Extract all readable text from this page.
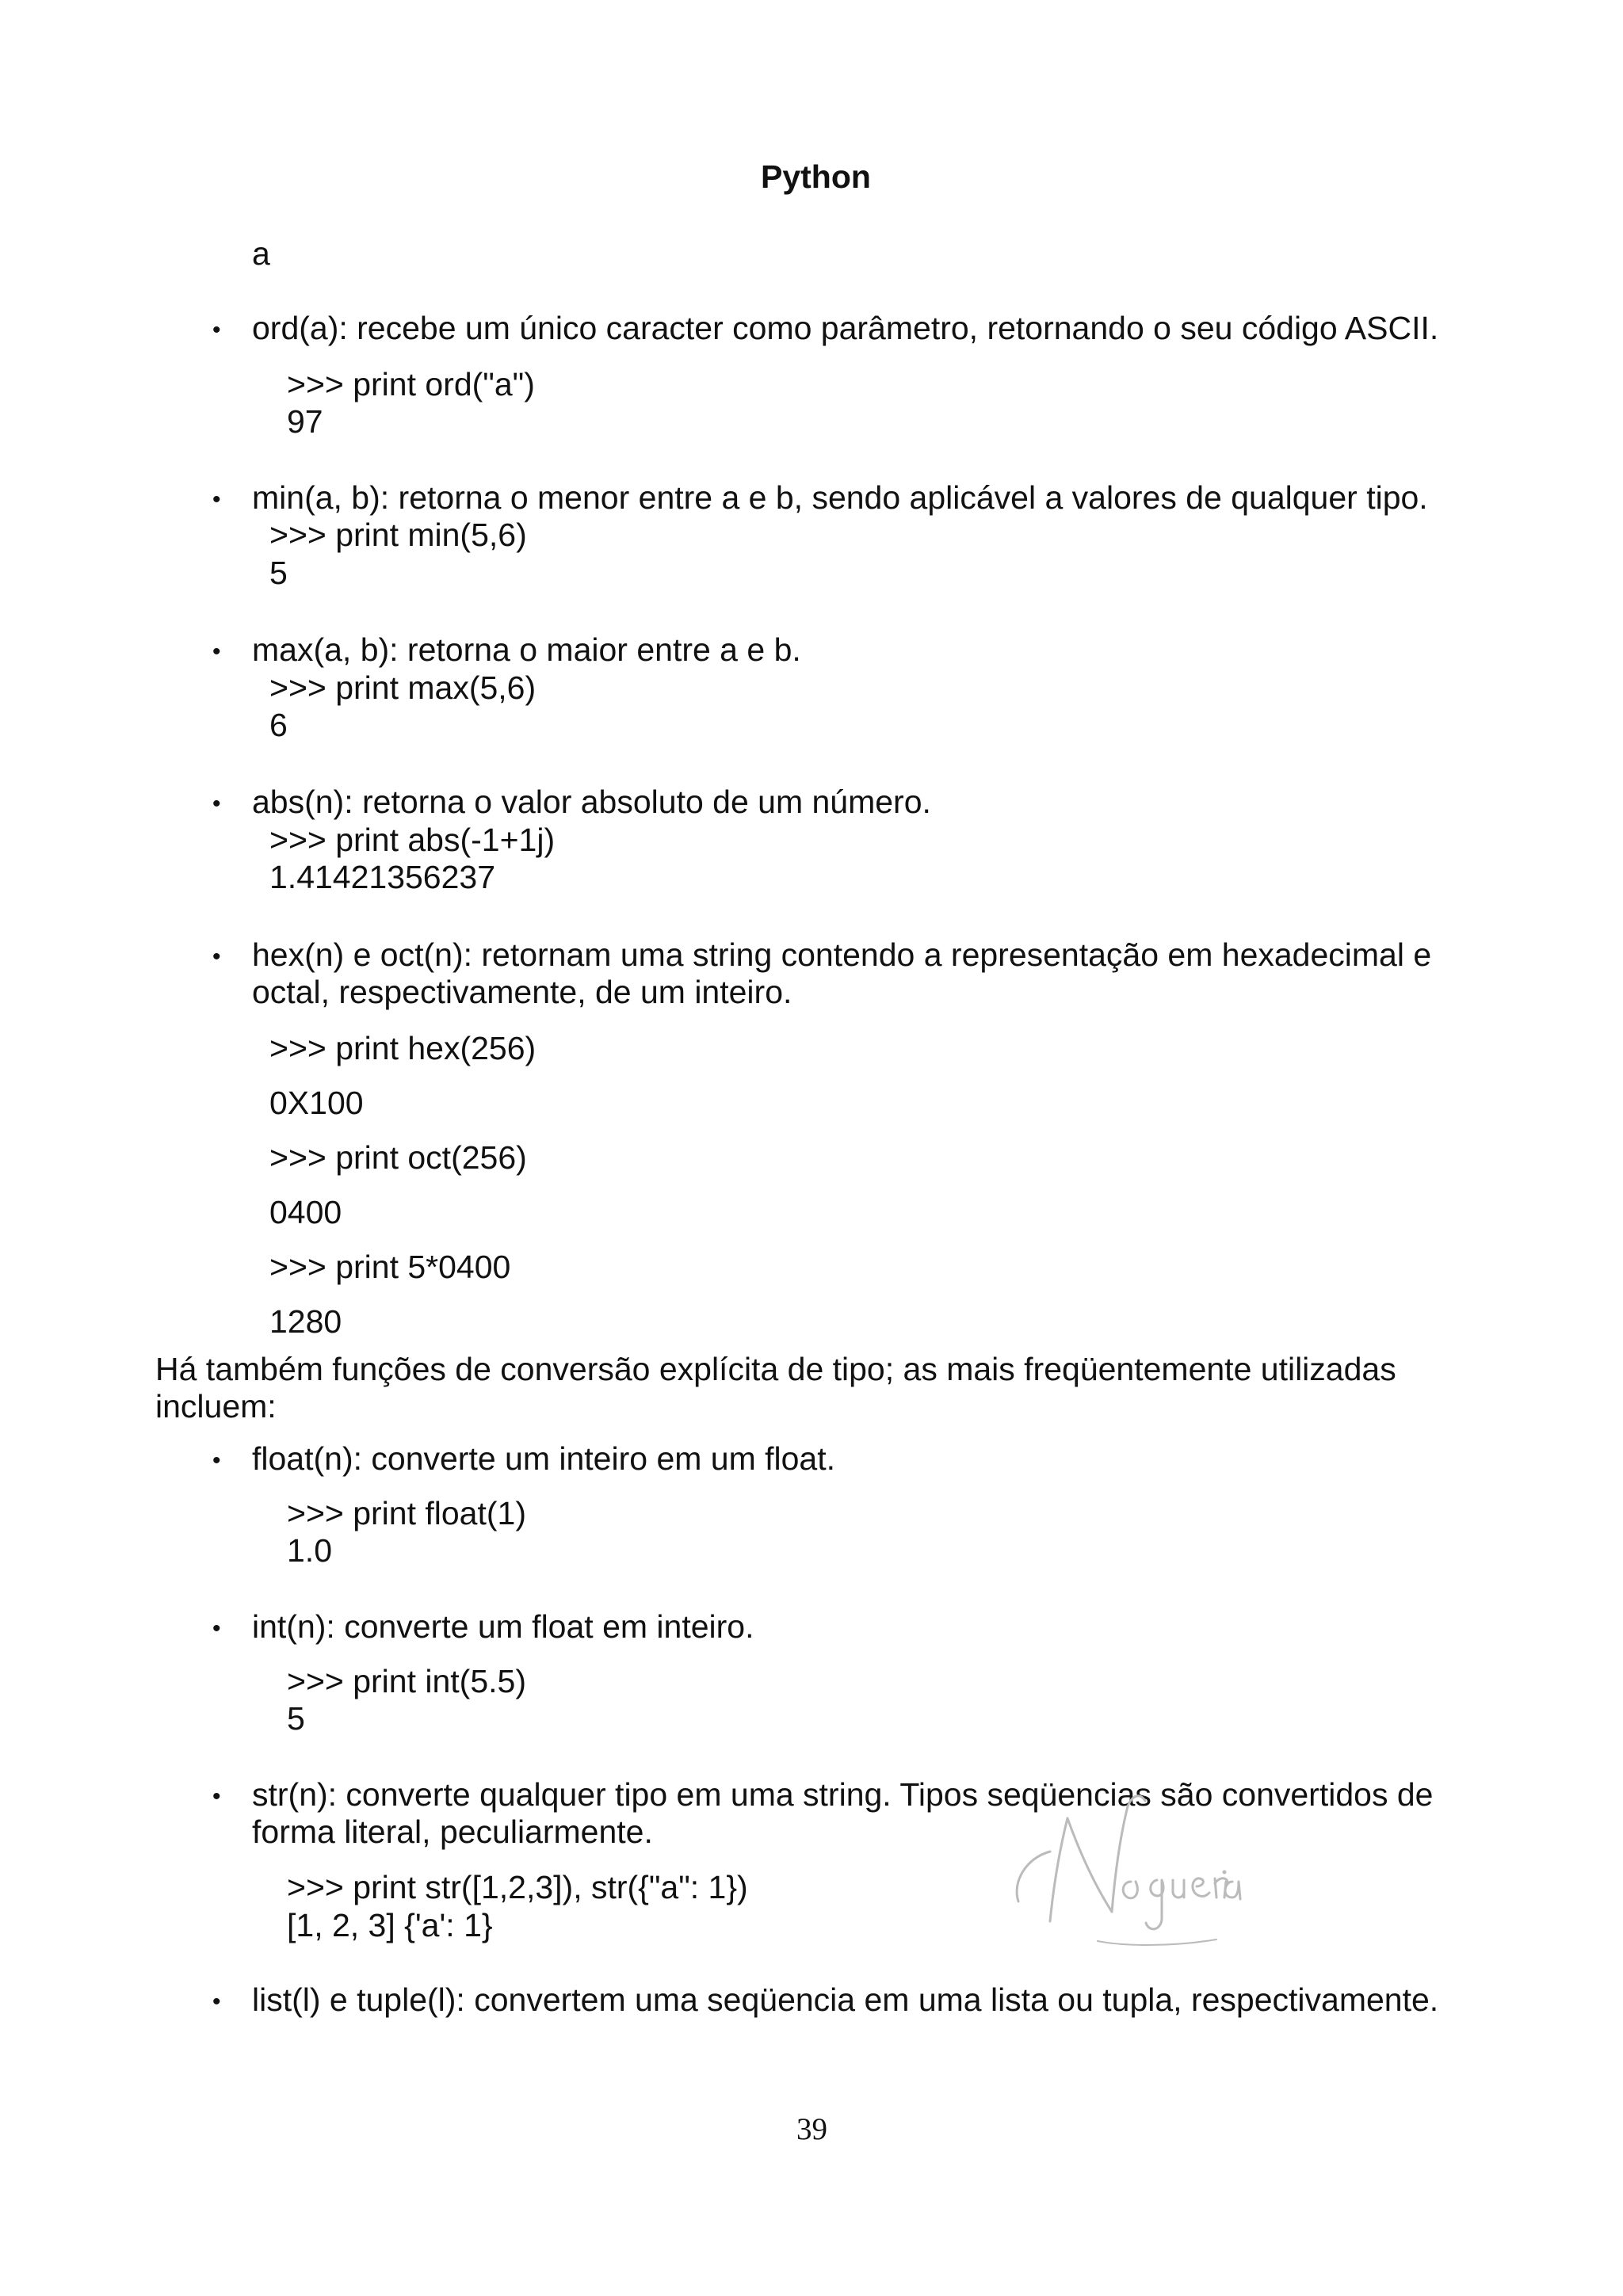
Python
a
• ord(a): recebe um único caracter como parâmetro, retornando o seu código ASCII.
>>> print ord("a")
97
• min(a, b): retorna o menor entre a e b, sendo aplicável a valores de qualquer tipo.
>>> print min(5,6)
5
• max(a, b): retorna o maior entre a e b.
>>> print max(5,6)
6
• abs(n): retorna o valor absoluto de um número.
>>> print abs(-1+1j)
1.41421356237
• hex(n) e oct(n): retornam uma string contendo a representação em hexadecimal e
octal, respectivamente, de um inteiro.
>>> print hex(256)
0X100
>>> print oct(256)
0400
>>> print 5*0400
1280
Há também funções de conversão explícita de tipo; as mais freqüentemente utilizadas
incluem:
• float(n): converte um inteiro em um float.
>>> print float(1)
1.0
• int(n): converte um float em inteiro.
>>> print int(5.5)
5
• str(n): converte qualquer tipo em uma string. Tipos seqüencias são convertidos de
forma literal, peculiarmente.
>>> print str([1,2,3]), str({"a": 1})
[1, 2, 3] {'a': 1}
• list(l) e tuple(l): convertem uma seqüencia em uma lista ou tupla, respectivamente.
39
